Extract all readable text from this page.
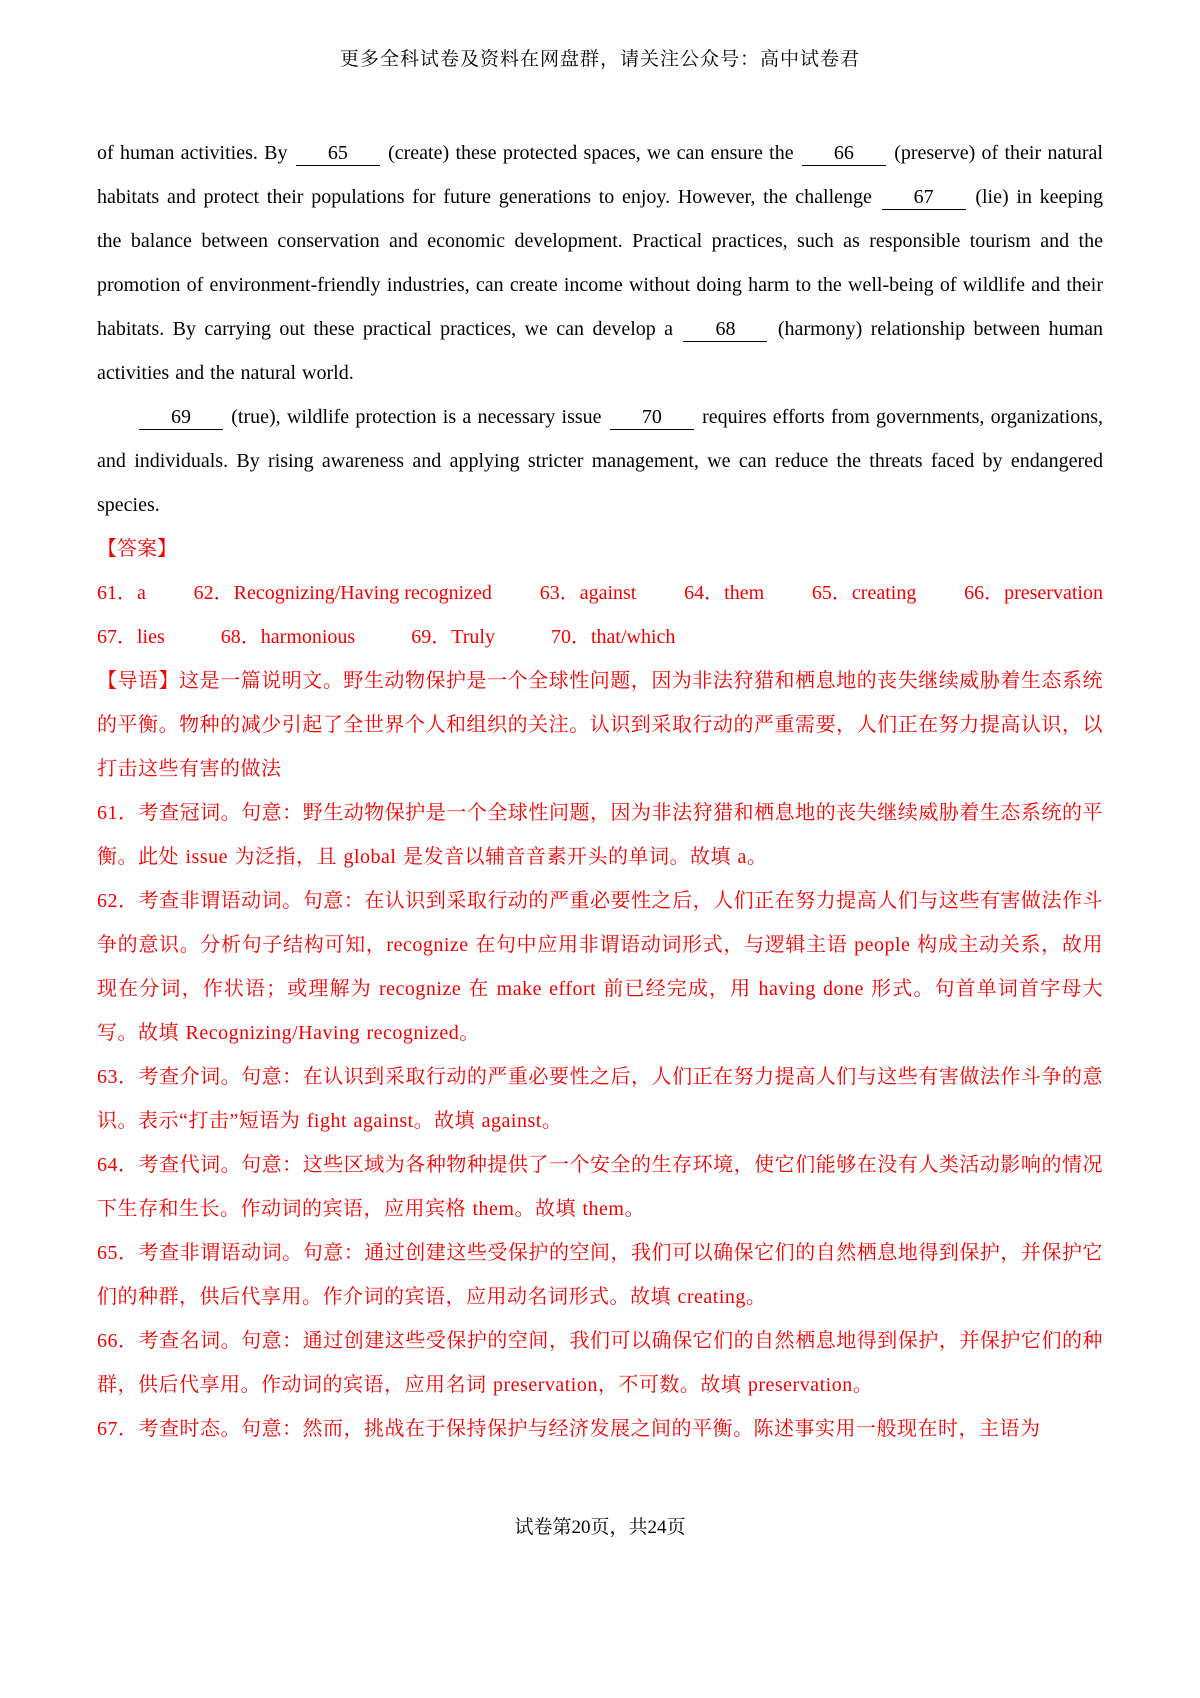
更多全科试卷及资料在网盘群，请关注公众号：高中试卷君

of human activities. By 65 (create) these protected spaces, we can ensure the 66 (preserve) of their natural habitats and protect their populations for future generations to enjoy. However, the challenge 67 (lie) in keeping the balance between conservation and economic development. Practical practices, such as responsible tourism and the promotion of environment-friendly industries, can create income without doing harm to the well-being of wildlife and their habitats. By carrying out these practical practices, we can develop a 68 (harmony) relationship between human activities and the natural world.

69 (true), wildlife protection is a necessary issue 70 requires efforts from governments, organizations, and individuals. By rising awareness and applying stricter management, we can reduce the threats faced by endangered species.

【答案】

61．a 62．Recognizing/Having recognized 63．against 64．them 65．creating 66．preservation
67．lies	68．harmonious	69．Truly	70．that/which

【导语】这是一篇说明文。野生动物保护是一个全球性问题，因为非法狩猎和栖息地的丧失继续威胁着生态系统的平衡。物种的减少引起了全世界个人和组织的关注。认识到采取行动的严重需要，人们正在努力提高认识，以打击这些有害的做法

61．考查冠词。句意：野生动物保护是一个全球性问题，因为非法狩猎和栖息地的丧失继续威胁着生态系统的平衡。此处 issue 为泛指，且 global 是发音以辅音音素开头的单词。故填 a。

62．考查非谓语动词。句意：在认识到采取行动的严重必要性之后，人们正在努力提高人们与这些有害做法作斗争的意识。分析句子结构可知，recognize 在句中应用非谓语动词形式，与逻辑主语 people 构成主动关系，故用现在分词，作状语；或理解为 recognize 在 make effort 前已经完成，用 having done 形式。句首单词首字母大写。故填 Recognizing/Having recognized。

63．考查介词。句意：在认识到采取行动的严重必要性之后，人们正在努力提高人们与这些有害做法作斗争的意识。表示“打击”短语为 fight against。故填 against。

64．考查代词。句意：这些区域为各种物种提供了一个安全的生存环境，使它们能够在没有人类活动影响的情况下生存和生长。作动词的宾语，应用宾格 them。故填 them。

65．考查非谓语动词。句意：通过创建这些受保护的空间，我们可以确保它们的自然栖息地得到保护，并保护它们的种群，供后代享用。作介词的宾语，应用动名词形式。故填 creating。

66．考查名词。句意：通过创建这些受保护的空间，我们可以确保它们的自然栖息地得到保护，并保护它们的种群，供后代享用。作动词的宾语，应用名词 preservation，不可数。故填 preservation。

67．考查时态。句意：然而，挑战在于保持保护与经济发展之间的平衡。陈述事实用一般现在时，主语为

试卷第20页，共24页
